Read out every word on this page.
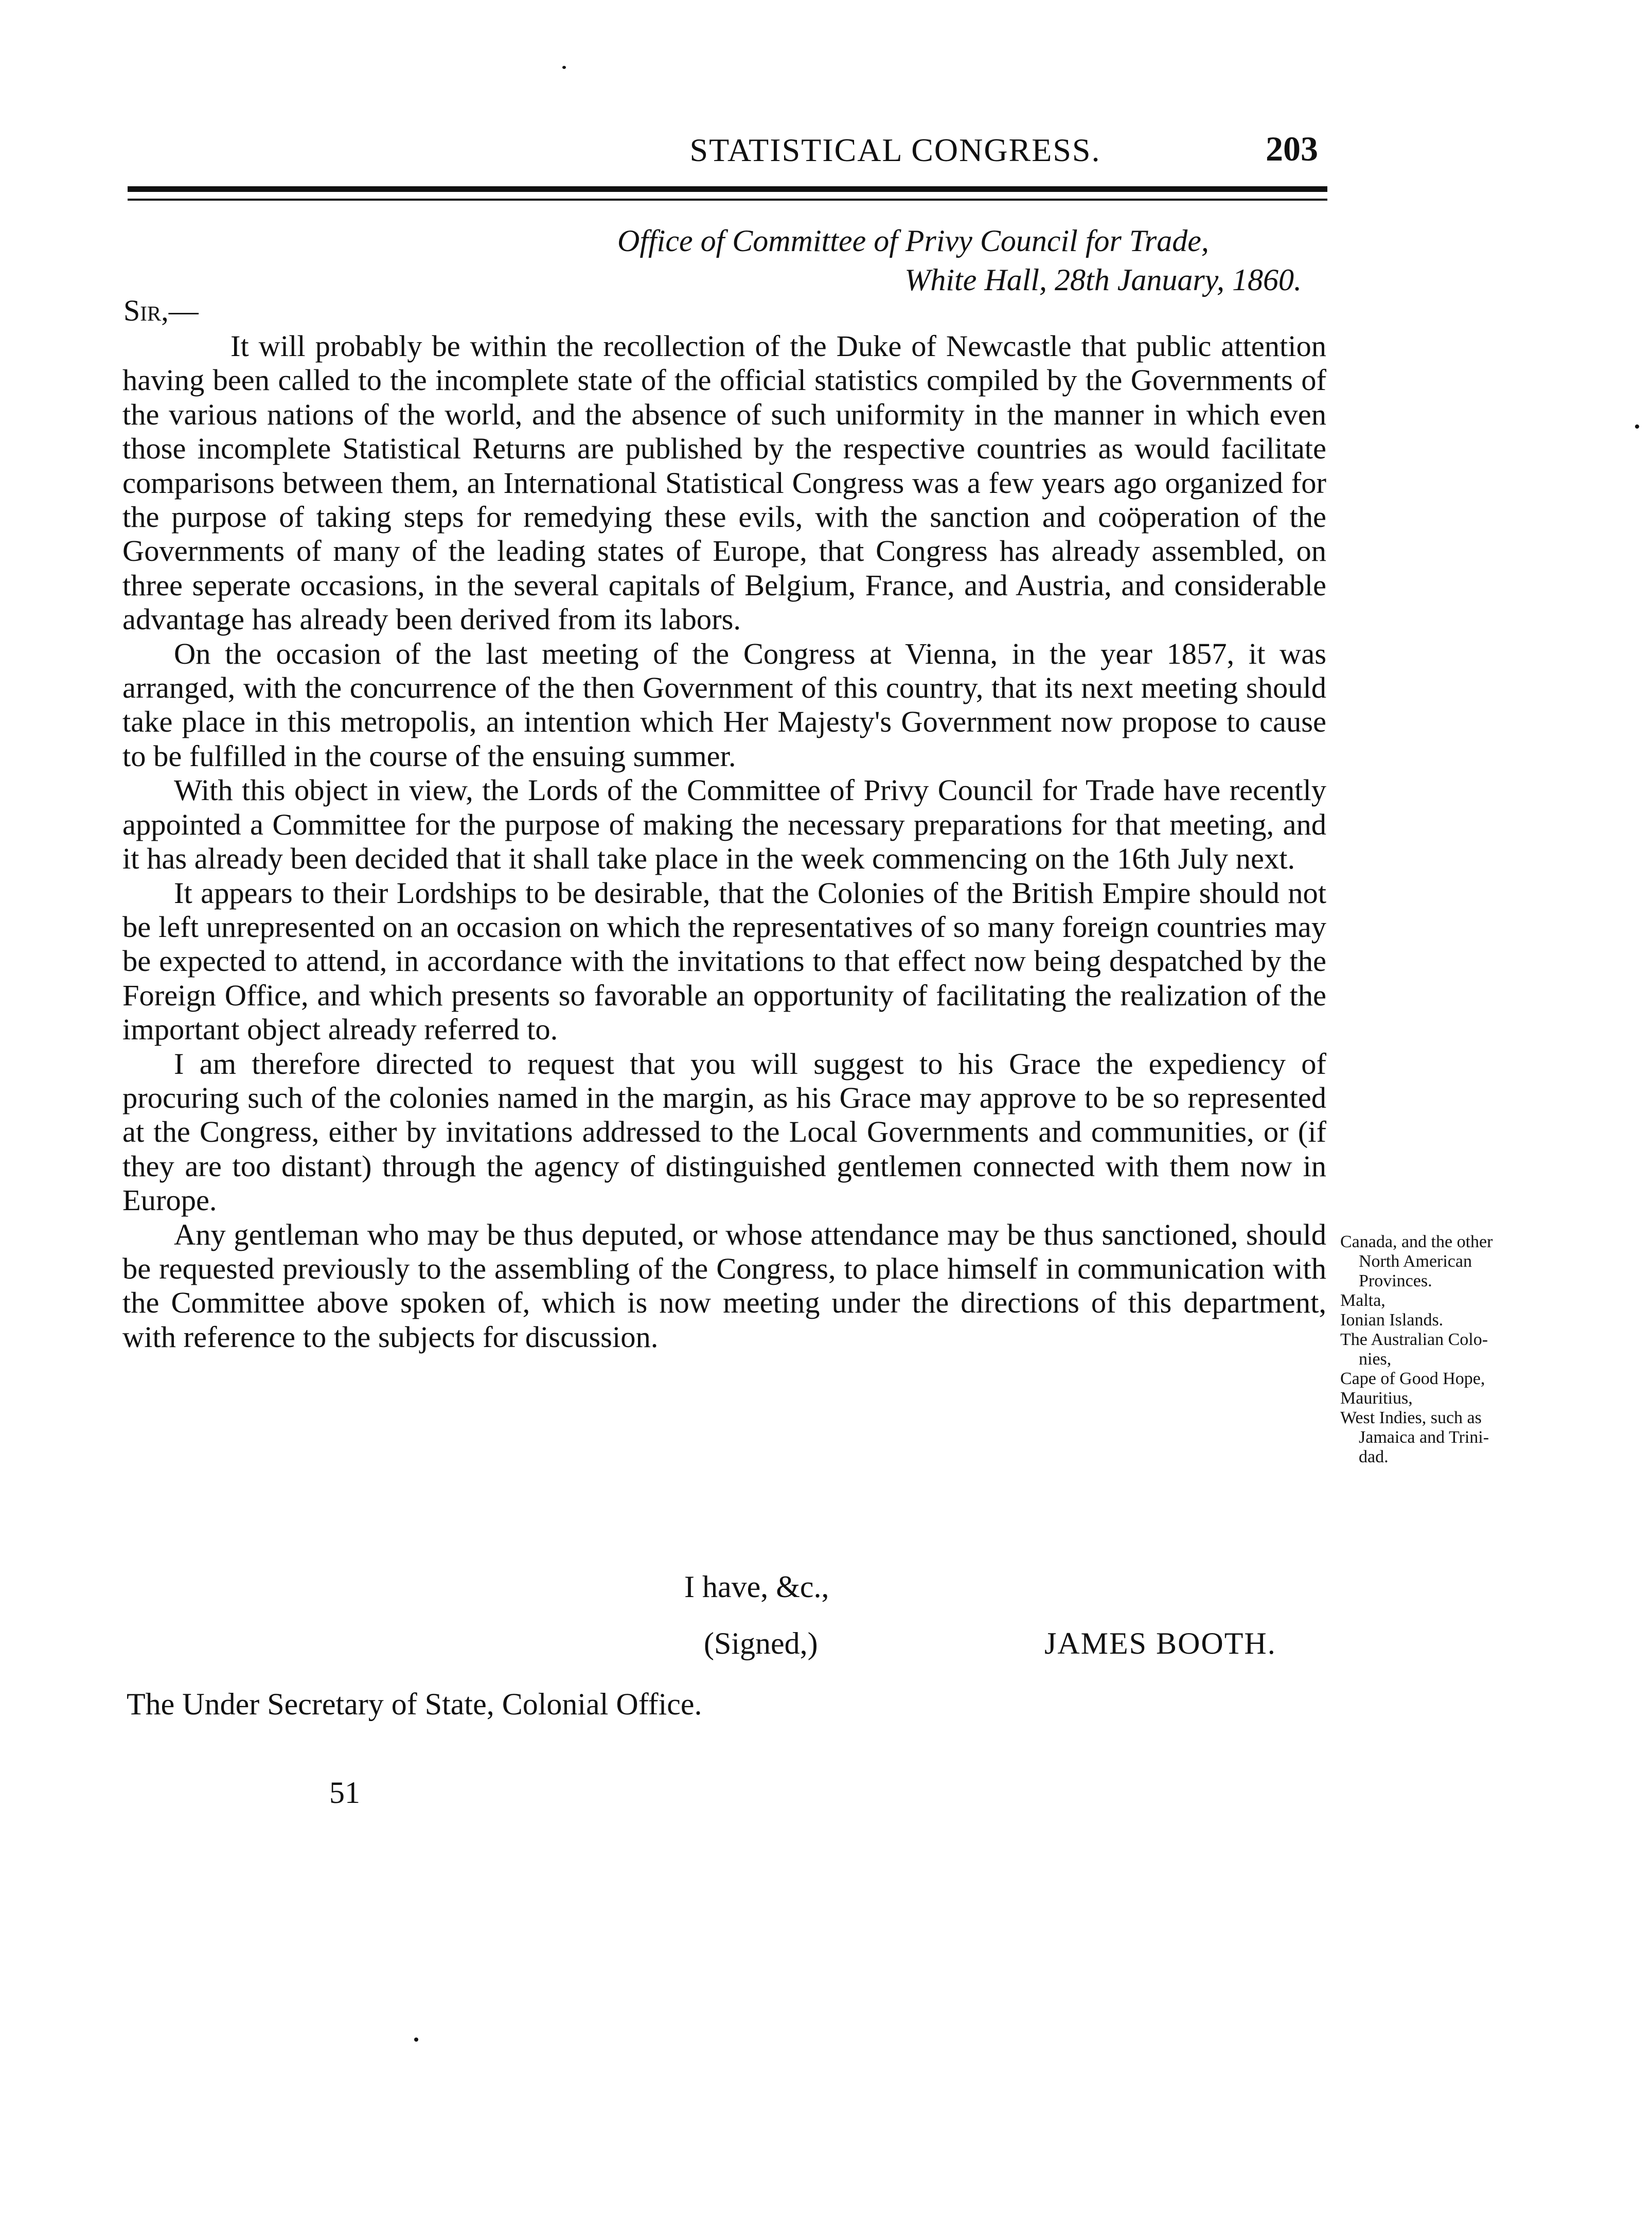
STATISTICAL CONGRESS.	203
Office of Committee of Privy Council for Trade,
White Hall, 28th January, 1860.
Sir,—

It will probably be within the recollection of the Duke of Newcastle that public attention having been called to the incomplete state of the official statistics compiled by the Governments of the various nations of the world, and the absence of such uniformity in the manner in which even those incomplete Statistical Returns are published by the respective countries as would facilitate comparisons between them, an International Statistical Congress was a few years ago organized for the purpose of taking steps for remedying these evils, with the sanction and coöperation of the Governments of many of the leading states of Europe, that Congress has already assembled, on three seperate occasions, in the several capitals of Belgium, France, and Austria, and considerable advantage has already been derived from its labors.

On the occasion of the last meeting of the Congress at Vienna, in the year 1857, it was arranged, with the concurrence of the then Government of this country, that its next meeting should take place in this metropolis, an intention which Her Majesty's Government now propose to cause to be fulfilled in the course of the ensuing summer.

With this object in view, the Lords of the Committee of Privy Council for Trade have recently appointed a Committee for the purpose of making the necessary preparations for that meeting, and it has already been decided that it shall take place in the week commencing on the 16th July next.

It appears to their Lordships to be desirable, that the Colonies of the British Empire should not be left unrepresented on an occasion on which the representatives of so many foreign countries may be expected to attend, in accordance with the invitations to that effect now being despatched by the Foreign Office, and which presents so favorable an opportunity of facilitating the realization of the important object already referred to.

I am therefore directed to request that you will suggest to his Grace the expediency of procuring such of the colonies named in the margin, as his Grace may approve to be so represented at the Congress, either by invitations addressed to the Local Governments and communities, or (if they are too distant) through the agency of distinguished gentlemen connected with them now in Europe.

Any gentleman who may be thus deputed, or whose attendance may be thus sanctioned, should be requested previously to the assembling of the Congress, to place himself in communication with the Committee above spoken of, which is now meeting under the directions of this department, with reference to the subjects for discussion.

Canada, and the other
North American
Provinces.
Malta,
Ionian Islands.
The Australian Colo-
nies,
Cape of Good Hope,
Mauritius,
West Indies, such as
Jamaica and Trini-
dad.
I have, &c.,
(Signed,)	JAMES BOOTH.
The Under Secretary of State, Colonial Office.
51
